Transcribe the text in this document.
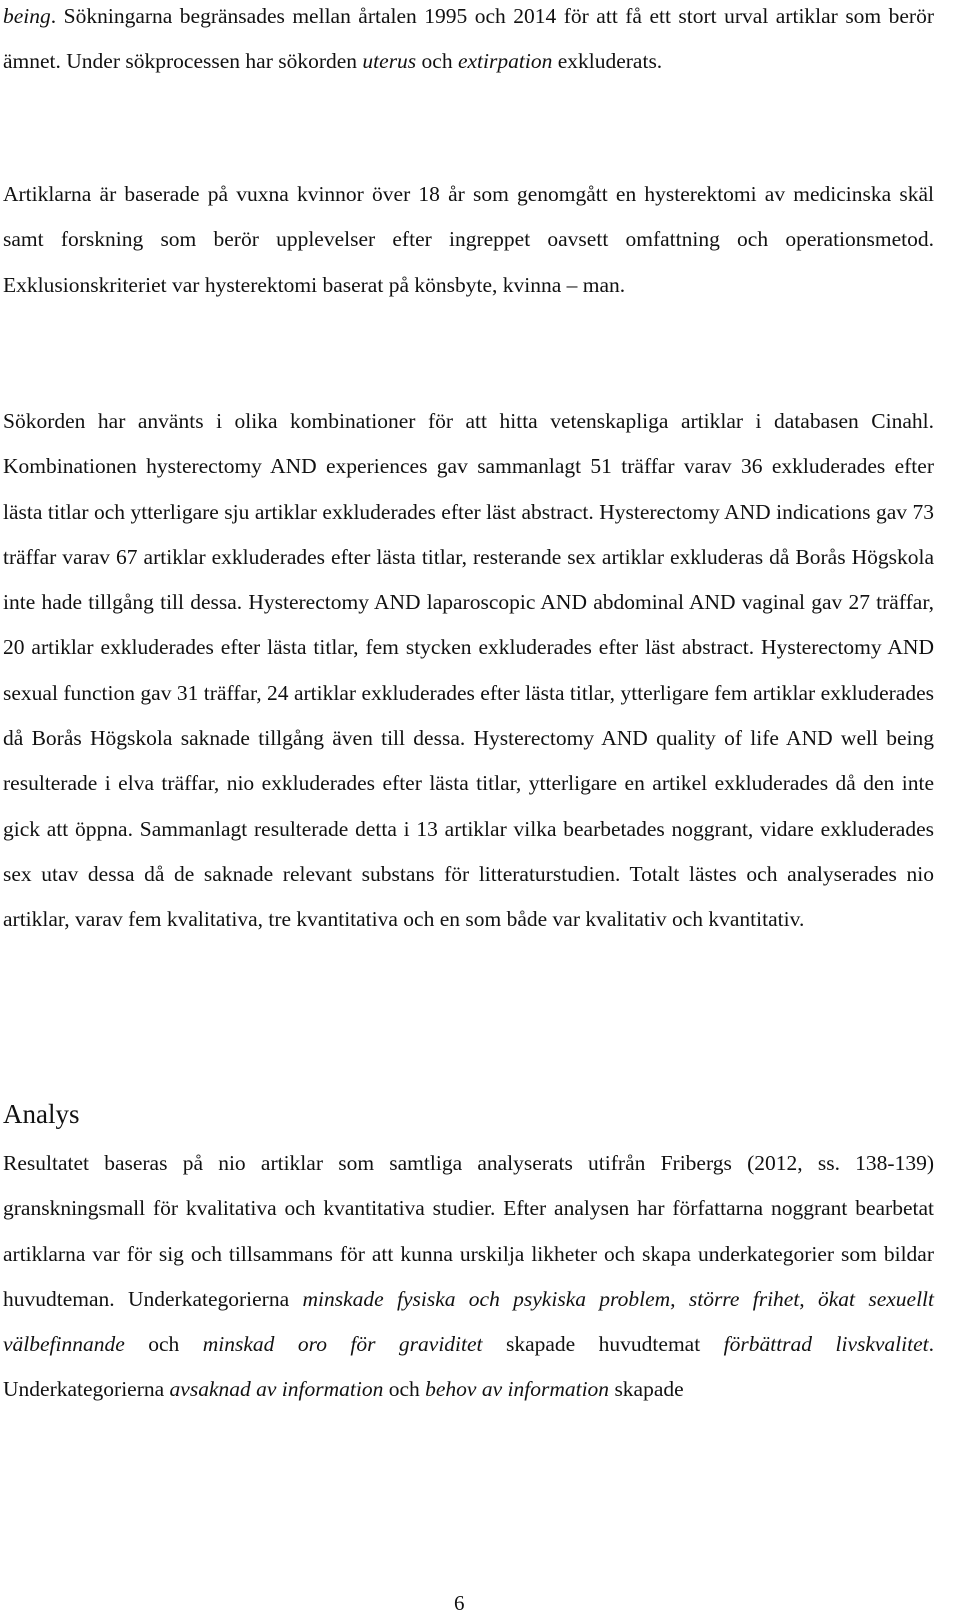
being. Sökningarna begränsades mellan årtalen 1995 och 2014 för att få ett stort urval artiklar som berör ämnet. Under sökprocessen har sökorden uterus och extirpation exkluderats.

Artiklarna är baserade på vuxna kvinnor över 18 år som genomgått en hysterektomi av medicinska skäl samt forskning som berör upplevelser efter ingreppet oavsett omfattning och operationsmetod. Exklusionskriteriet var hysterektomi baserat på könsbyte, kvinna – man.

Sökorden har använts i olika kombinationer för att hitta vetenskapliga artiklar i databasen Cinahl. Kombinationen hysterectomy AND experiences gav sammanlagt 51 träffar varav 36 exkluderades efter lästa titlar och ytterligare sju artiklar exkluderades efter läst abstract. Hysterectomy AND indications gav 73 träffar varav 67 artiklar exkluderades efter lästa titlar, resterande sex artiklar exkluderas då Borås Högskola inte hade tillgång till dessa. Hysterectomy AND laparoscopic AND abdominal AND vaginal gav 27 träffar, 20 artiklar exkluderades efter lästa titlar, fem stycken exkluderades efter läst abstract. Hysterectomy AND sexual function gav 31 träffar, 24 artiklar exkluderades efter lästa titlar, ytterligare fem artiklar exkluderades då Borås Högskola saknade tillgång även till dessa. Hysterectomy AND quality of life AND well being resulterade i elva träffar, nio exkluderades efter lästa titlar, ytterligare en artikel exkluderades då den inte gick att öppna. Sammanlagt resulterade detta i 13 artiklar vilka bearbetades noggrant, vidare exkluderades sex utav dessa då de saknade relevant substans för litteraturstudien. Totalt lästes och analyserades nio artiklar, varav fem kvalitativa, tre kvantitativa och en som både var kvalitativ och kvantitativ.

Analys

Resultatet baseras på nio artiklar som samtliga analyserats utifrån Fribergs (2012, ss. 138-139) granskningsmall för kvalitativa och kvantitativa studier. Efter analysen har författarna noggrant bearbetat artiklarna var för sig och tillsammans för att kunna urskilja likheter och skapa underkategorier som bildar huvudteman. Underkategorierna minskade fysiska och psykiska problem, större frihet, ökat sexuellt välbefinnande och minskad oro för graviditet skapade huvudtemat förbättrad livskvalitet. Underkategorierna avsaknad av information och behov av information skapade

6
